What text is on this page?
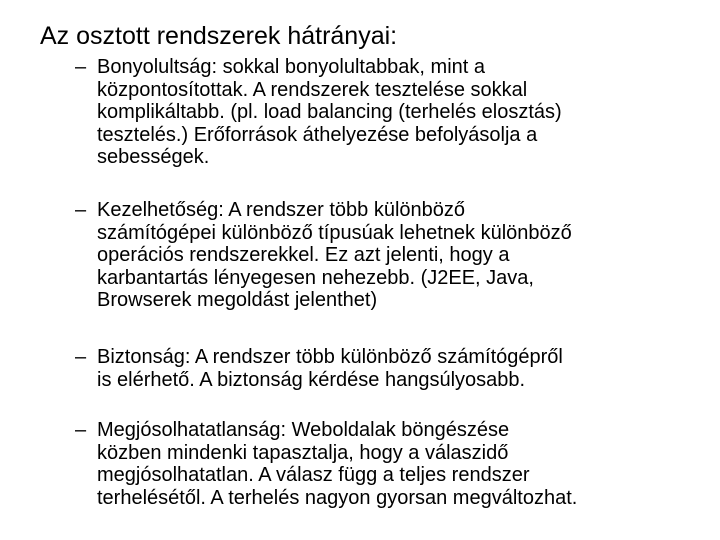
Az osztott rendszerek hátrányai:
– Bonyolultság: sokkal bonyolultabbak, mint a
központosítottak. A rendszerek tesztelése sokkal
komplikáltabb. (pl. load balancing (terhelés elosztás)
tesztelés.) Erőforrások áthelyezése befolyásolja a
sebességek.
– Kezelhetőség: A rendszer több különböző
számítógépei különböző típusúak lehetnek különböző
operációs rendszerekkel. Ez azt jelenti, hogy a
karbantartás lényegesen nehezebb. (J2EE, Java,
Browserek megoldást jelenthet)
– Biztonság: A rendszer több különböző számítógépről
is elérhető. A biztonság kérdése hangsúlyosabb.
– Megjósolhatatlanság: Weboldalak böngészése
közben mindenki tapasztalja, hogy a válaszidő
megjósolhatatlan. A válasz függ a teljes rendszer
terhelésétől. A terhelés nagyon gyorsan megváltozhat.
